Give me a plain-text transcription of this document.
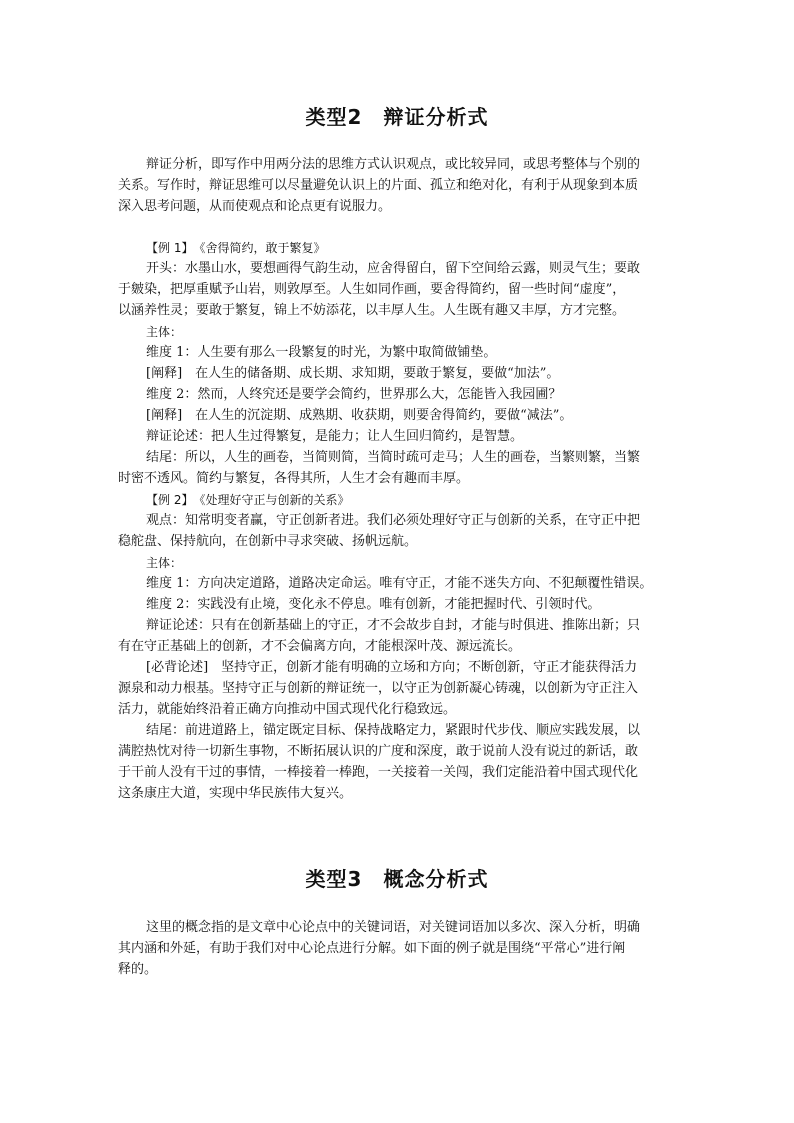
类型2　辩证分析式
辩证分析，即写作中用两分法的思维方式认识观点，或比较异同，或思考整体与个别的
关系。写作时，辩证思维可以尽量避免认识上的片面、孤立和绝对化，有利于从现象到本质
深入思考问题，从而使观点和论点更有说服力。
【例 1】　《舍得简约，敢于繁复》
开头：水墨山水，要想画得气韵生动，应舍得留白，留下空间给云露，则灵气生；要敢
于皴染，把厚重赋予山岩，则敦厚至。人生如同作画，要舍得简约，留一些时间“虚度”，
以涵养性灵；要敢于繁复，锦上不妨添花，以丰厚人生。人生既有趣又丰厚，方才完整。
主体：
维度 1：人生要有那么一段繁复的时光，为繁中取简做铺垫。
[阐释]　在人生的储备期、成长期、求知期，要敢于繁复，要做“加法”。
维度 2：然而，人终究还是要学会简约，世界那么大，怎能皆入我园圃？
[阐释]　在人生的沉淀期、成熟期、收获期，则要舍得简约，要做“减法”。
辩证论述：把人生过得繁复，是能力；让人生回归简约，是智慧。
结尾：所以，人生的画卷，当简则简，当简时疏可走马；人生的画卷，当繁则繁，当繁
时密不透风。简约与繁复，各得其所，人生才会有趣而丰厚。
【例 2】　《处理好守正与创新的关系》
观点：知常明变者赢，守正创新者进。我们必须处理好守正与创新的关系，在守正中把
稳舵盘、保持航向，在创新中寻求突破、扬帆远航。
主体：
维度 1：方向决定道路，道路决定命运。唯有守正，才能不迷失方向、不犯颠覆性错误。
维度 2：实践没有止境，变化永不停息。唯有创新，才能把握时代、引领时代。
辩证论述：只有在创新基础上的守正，才不会故步自封，才能与时俱进、推陈出新；只
有在守正基础上的创新，才不会偏离方向，才能根深叶茂、源远流长。
[必背论述]　坚持守正，创新才能有明确的立场和方向；不断创新，守正才能获得活力
源泉和动力根基。坚持守正与创新的辩证统一，以守正为创新凝心铸魂，以创新为守正注入
活力，就能始终沿着正确方向推动中国式现代化行稳致远。
结尾：前进道路上，锚定既定目标、保持战略定力，紧跟时代步伐、顺应实践发展，以
满腔热忱对待一切新生事物，不断拓展认识的广度和深度，敢于说前人没有说过的新话，敢
于干前人没有干过的事情，一棒接着一棒跑，一关接着一关闯，我们定能沿着中国式现代化
这条康庄大道，实现中华民族伟大复兴。
类型3　概念分析式
这里的概念指的是文章中心论点中的关键词语，对关键词语加以多次、深入分析，明确
其内涵和外延，有助于我们对中心论点进行分解。如下面的例子就是围绕“平常心”进行阐
释的。
